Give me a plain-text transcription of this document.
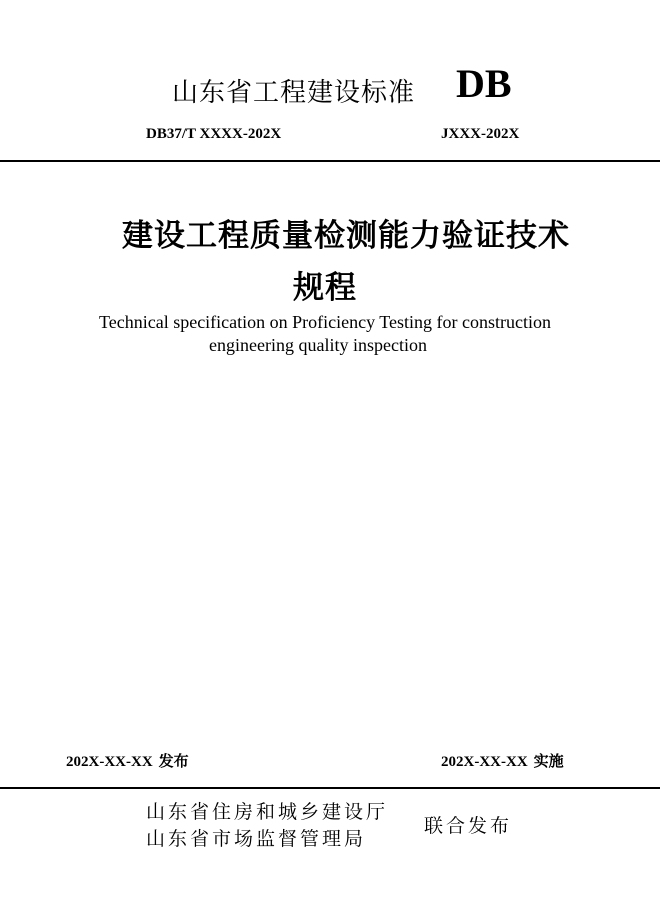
山东省工程建设标准 DB
DB37/T XXXX-202X	JXXX-202X
建设工程质量检测能力验证技术
规程
Technical specification on Proficiency Testing for construction
engineering quality inspection
202X-XX-XX 发布	202X-XX-XX 实施
山东省住房和城乡建设厅
山东省市场监督管理局
联合发布
